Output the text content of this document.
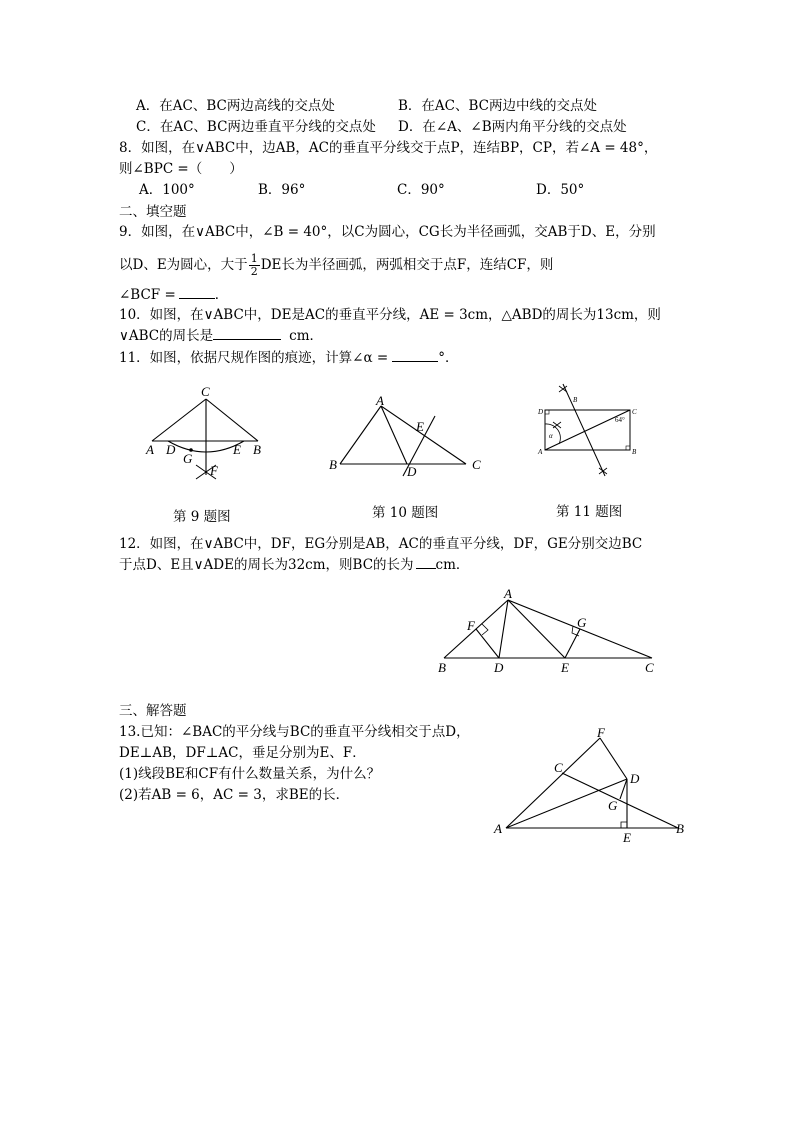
A．在AC、BC两边高线的交点处	B．在AC、BC两边中线的交点处
C．在AC、BC两边垂直平分线的交点处 D．在∠A、∠B两内角平分线的交点处
8．如图，在∨ABC中，边AB，AC的垂直平分线交于点P，连结BP，CP，若∠A = 48°，
则∠BPC =（　　）
A．100°	B．96°	C．90°	D．50°
二、填空题
9．如图，在∨ABC中，∠B = 40°，以C为圆心，CG长为半径画弧，交AB于D、E，分别
以D、E为圆心，大于 $\frac{1}{2}$ DE长为半径画弧，两弧相交于点F，连结CF，则
∠BCF =	．
10．如图，在∨ABC中，DE是AC的垂直平分线，AE = 3cm，△ABD的周长为13cm，则
∨ABC的周长是	cm．
11．如图，依据尺规作图的痕迹，计算∠α =	°．
C
A D
G
E B
F
第 9 题图
A
E
B	D	C
第 10 题图
B
D	C
A	B
64°
α
第 11 题图
12．如图，在∨ABC中，DF，EG分别是AB，AC的垂直平分线，DF，GE分别交边BC
于点D、E且∨ADE的周长为32cm，则BC的长为 cm．
A
F	G
B	D	E	C
三、解答题
13.已知：∠BAC的平分线与BC的垂直平分线相交于点D，
DE⊥AB，DF⊥AC，垂足分别为E、F．
(1)线段BE和CF有什么数量关系，为什么？
(2)若AB = 6，AC = 3，求BE的长．
F
C
D
G
A
E
B
